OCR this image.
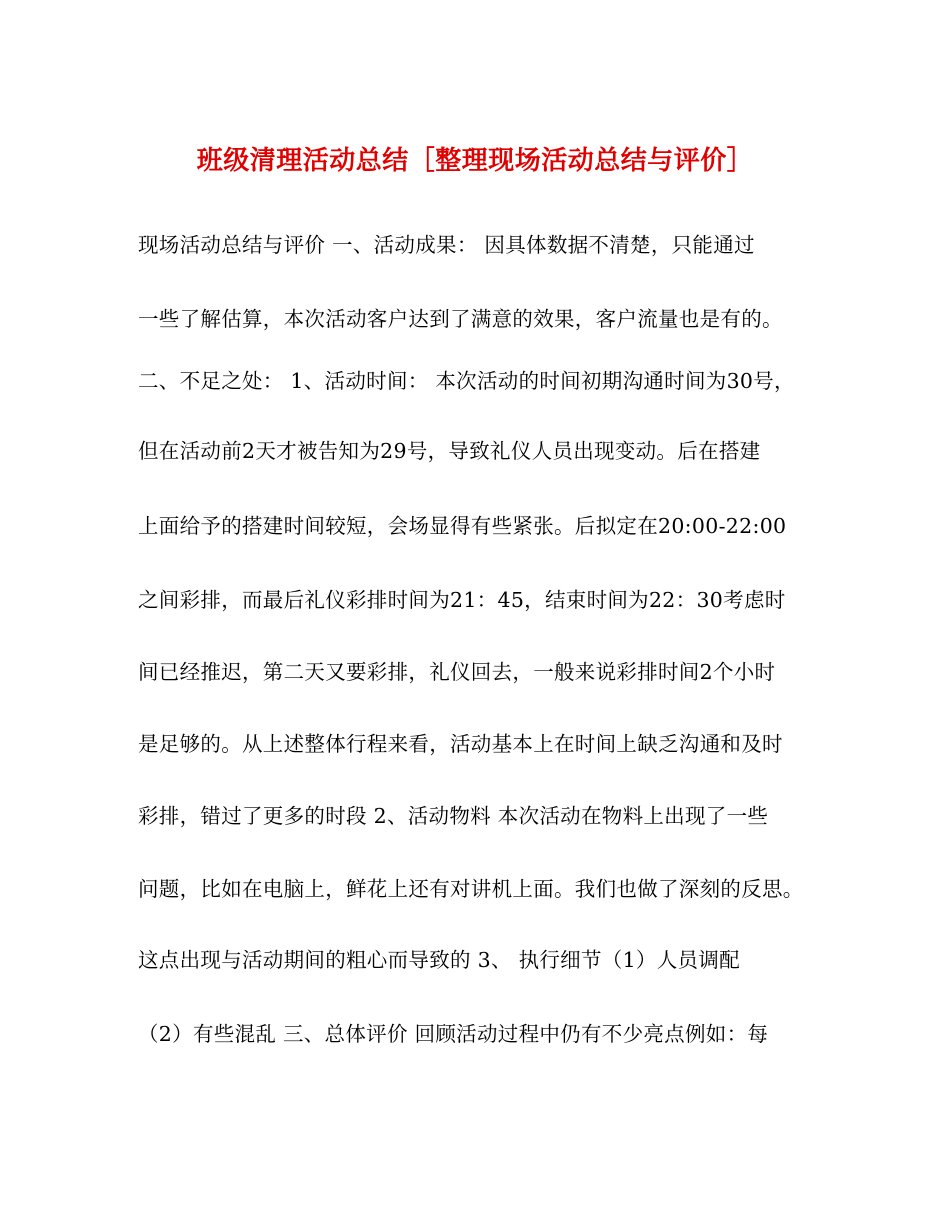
班级清理活动总结［整理现场活动总结与评价］
现场活动总结与评价 一、活动成果： 因具体数据不清楚，只能通过
一些了解估算，本次活动客户达到了满意的效果，客户流量也是有的。
二、不足之处： 1、活动时间： 本次活动的时间初期沟通时间为30号，
但在活动前2天才被告知为29号，导致礼仪人员出现变动。后在搭建
上面给予的搭建时间较短，会场显得有些紧张。后拟定在20:00-22:00
之间彩排，而最后礼仪彩排时间为21：45，结束时间为22：30考虑时
间已经推迟，第二天又要彩排，礼仪回去，一般来说彩排时间2个小时
是足够的。从上述整体行程来看，活动基本上在时间上缺乏沟通和及时
彩排，错过了更多的时段 2、活动物料 本次活动在物料上出现了一些
问题，比如在电脑上，鲜花上还有对讲机上面。我们也做了深刻的反思。
这点出现与活动期间的粗心而导致的 3、 执行细节（1）人员调配
（2）有些混乱 三、总体评价 回顾活动过程中仍有不少亮点例如：每
